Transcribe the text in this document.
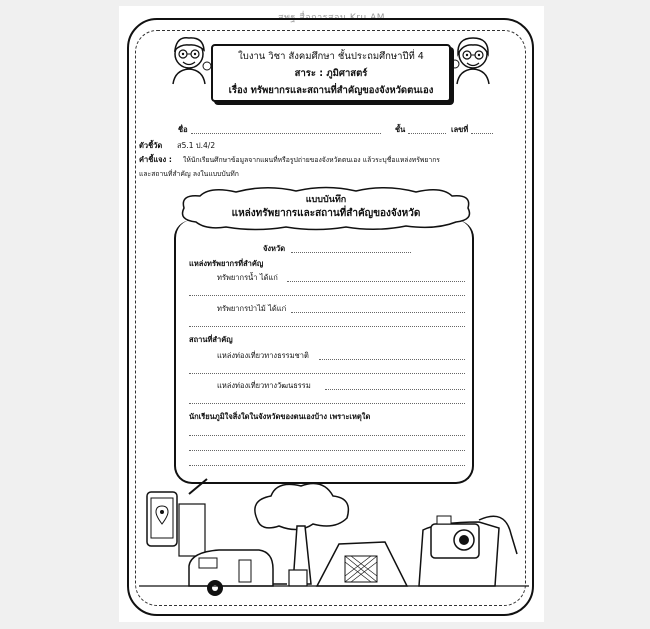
สพฐ.สื่อการสอน Kru AM
ใบงาน วิชา สังคมศึกษา ชั้นประถมศึกษาปีที่ 4
สาระ : ภูมิศาสตร์
เรื่อง ทรัพยากรและสถานที่สำคัญของจังหวัดตนเอง
ชื่อ	ชั้น	เลขที่
ตัวชี้วัด ส5.1 ป.4/2
คำชี้แจง : ให้นักเรียนศึกษาข้อมูลจากแผนที่หรือรูปถ่ายของจังหวัดตนเอง แล้วระบุชื่อแหล่งทรัพยากร
และสถานที่สำคัญ ลงในแบบบันทึก
แบบบันทึก
แหล่งทรัพยากรและสถานที่สำคัญของจังหวัด
จังหวัด
แหล่งทรัพยากรที่สำคัญ
ทรัพยากรน้ำ ได้แก่
ทรัพยากรป่าไม้ ได้แก่
สถานที่สำคัญ
แหล่งท่องเที่ยวทางธรรมชาติ
แหล่งท่องเที่ยวทางวัฒนธรรม
นักเรียนภูมิใจสิ่งใดในจังหวัดของตนเองบ้าง เพราะเหตุใด
